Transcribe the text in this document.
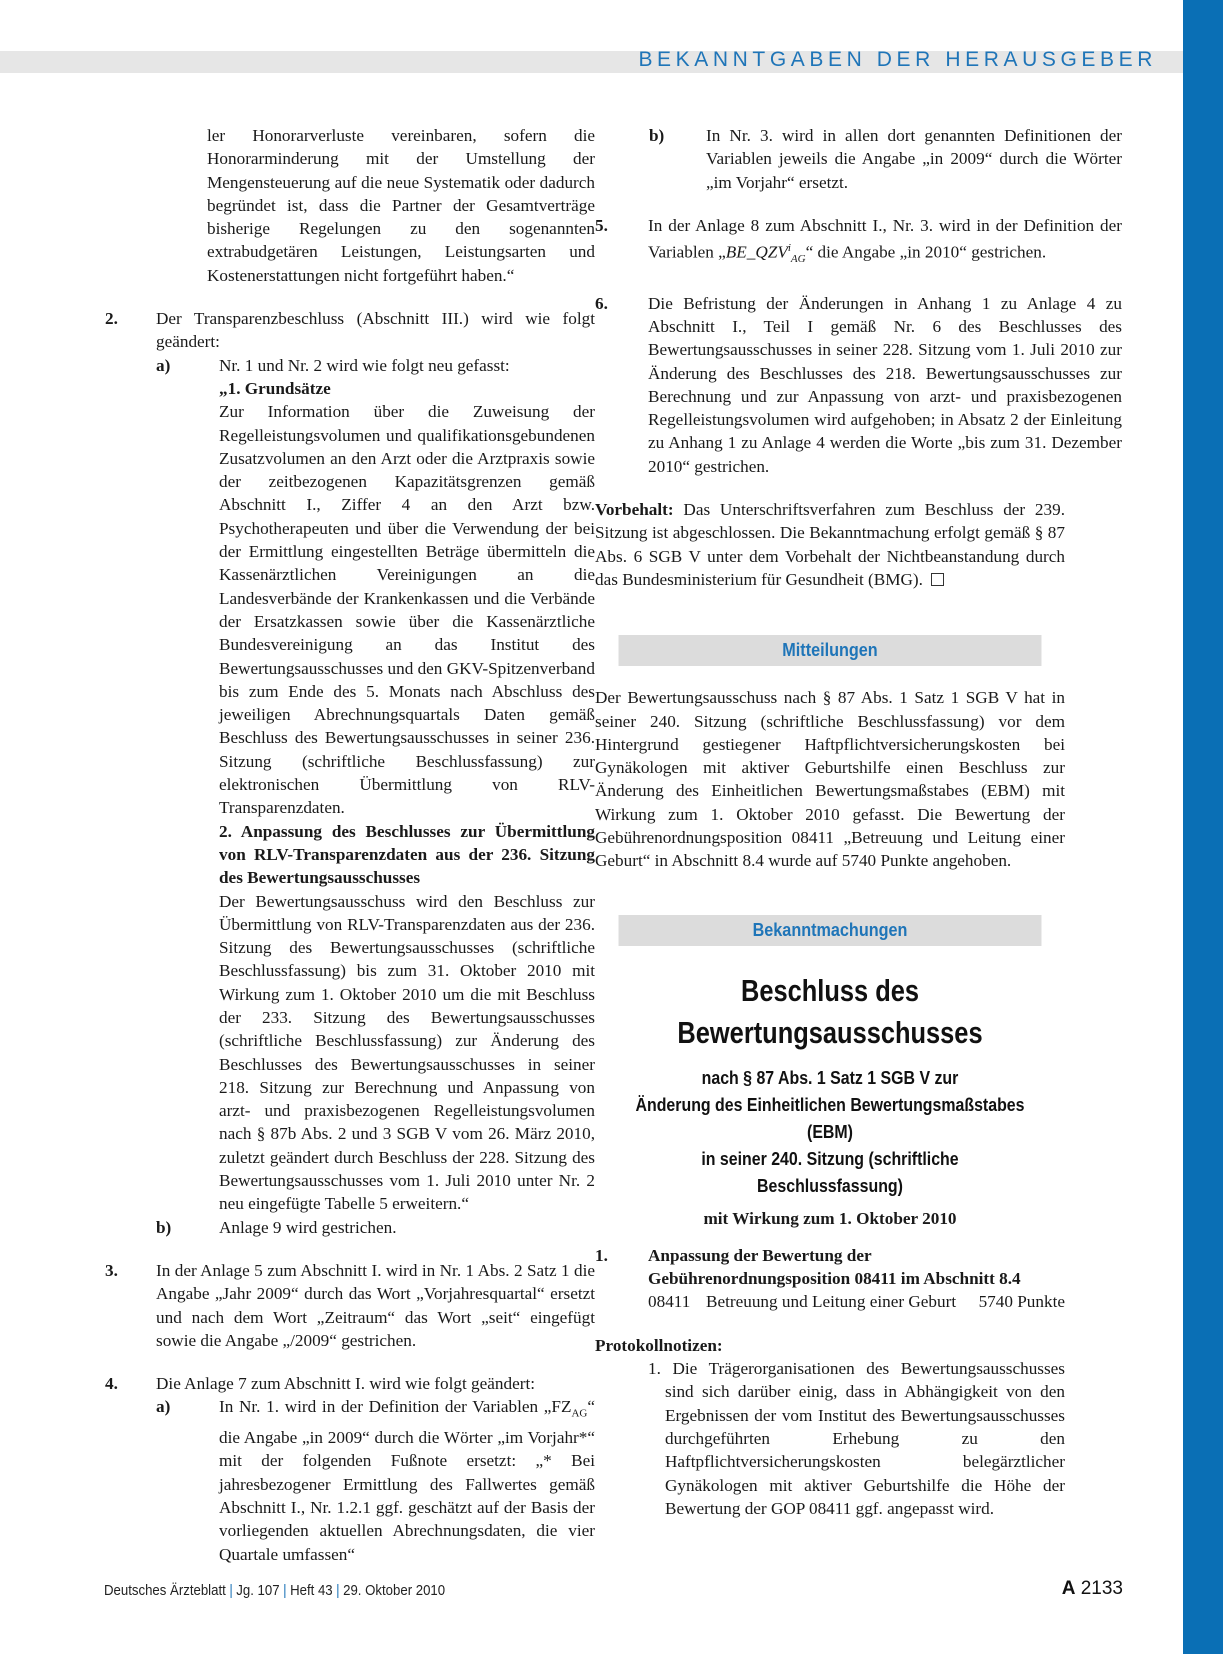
BEKANNTGABEN DER HERAUSGEBER

ler Honorarverluste vereinbaren, sofern die Honorarminderung mit der Umstellung der Mengensteuerung auf die neue Systematik oder dadurch begründet ist, dass die Partner der Gesamtverträge bisherige Regelungen zu den sogenannten extrabudgetären Leistungen, Leistungsarten und Kostenerstattungen nicht fortgeführt haben.“

2. Der Transparenzbeschluss (Abschnitt III.) wird wie folgt geändert:

a)	Nr. 1 und Nr. 2 wird wie folgt neu gefasst:

„1. Grundsätze

Zur Information über die Zuweisung der Regelleistungsvolumen und qualifikationsgebundenen Zusatzvolumen an den Arzt oder die Arztpraxis sowie der zeitbezogenen Kapazitätsgrenzen gemäß Abschnitt I., Ziffer 4 an den Arzt bzw. Psychotherapeuten und über die Verwendung der bei der Ermittlung eingestellten Beträge übermitteln die Kassenärztlichen Vereinigungen an die Landesverbände der Krankenkassen und die Verbände der Ersatzkassen sowie über die Kassenärztliche Bundesvereinigung an das Institut des Bewertungsausschusses und den GKV-Spitzenverband bis zum Ende des 5. Monats nach Abschluss des jeweiligen Abrechnungsquartals Daten gemäß Beschluss des Bewertungsausschusses in seiner 236. Sitzung (schriftliche Beschlussfassung) zur elektronischen Übermittlung von RLV-Transparenzdaten.

2. Anpassung des Beschlusses zur Übermittlung von RLV-Transparenzdaten aus der 236. Sitzung des Bewertungsausschusses

Der Bewertungsausschuss wird den Beschluss zur Übermittlung von RLV-Transparenzdaten aus der 236. Sitzung des Bewertungsausschusses (schriftliche Beschlussfassung) bis zum 31. Oktober 2010 mit Wirkung zum 1. Oktober 2010 um die mit Beschluss der 233. Sitzung des Bewertungsausschusses (schriftliche Beschlussfassung) zur Änderung des Beschlusses des Bewertungsausschusses in seiner 218. Sitzung zur Berechnung und Anpassung von arzt- und praxisbezogenen Regelleistungsvolumen nach § 87b Abs. 2 und 3 SGB V vom 26. März 2010, zuletzt geändert durch Beschluss der 228. Sitzung des Bewertungsausschusses vom 1. Juli 2010 unter Nr. 2 neu eingefügte Tabelle 5 erweitern.“

b)	Anlage 9 wird gestrichen.

3. In der Anlage 5 zum Abschnitt I. wird in Nr. 1 Abs. 2 Satz 1 die Angabe „Jahr 2009“ durch das Wort „Vorjahresquartal“ ersetzt und nach dem Wort „Zeitraum“ das Wort „seit“ eingefügt sowie die Angabe „/2009“ gestrichen.

4. Die Anlage 7 zum Abschnitt I. wird wie folgt geändert:

a)	In Nr. 1. wird in der Definition der Variablen $„FZ_{AG}“$ die Angabe „in 2009“ durch die Wörter „im Vorjahr*“ mit der folgenden Fußnote ersetzt: „* Bei jahresbezogener Ermittlung des Fallwertes gemäß Abschnitt I., Nr. 1.2.1 ggf. geschätzt auf der Basis der vorliegenden aktuellen Abrechnungsdaten, die vier Quartale umfassen“

b) In Nr. 3. wird in allen dort genannten Definitionen der Variablen jeweils die Angabe „in 2009“ durch die Wörter „im Vorjahr“ ersetzt.

5. In der Anlage 8 zum Abschnitt I., Nr. 3. wird in der Definition der Variablen $„BE\_QZV^i_{AG}“$ die Angabe „in 2010“ gestrichen.

6. Die Befristung der Änderungen in Anhang 1 zu Anlage 4 zu Abschnitt I., Teil I gemäß Nr. 6 des Beschlusses des Bewertungsausschusses in seiner 228. Sitzung vom 1. Juli 2010 zur Änderung des Beschlusses des 218. Bewertungsausschusses zur Berechnung und zur Anpassung von arzt- und praxisbezogenen Regelleistungsvolumen wird aufgehoben; in Absatz 2 der Einleitung zu Anhang 1 zu Anlage 4 werden die Worte „bis zum 31. Dezember 2010“ gestrichen.

Vorbehalt: Das Unterschriftsverfahren zum Beschluss der 239. Sitzung ist abgeschlossen. Die Bekanntmachung erfolgt gemäß § 87 Abs. 6 SGB V unter dem Vorbehalt der Nichtbeanstandung durch das Bundesministerium für Gesundheit (BMG).

Mitteilungen

Der Bewertungsausschuss nach § 87 Abs. 1 Satz 1 SGB V hat in seiner 240. Sitzung (schriftliche Beschlussfassung) vor dem Hintergrund gestiegener Haftpflichtversicherungskosten bei Gynäkologen mit aktiver Geburtshilfe einen Beschluss zur Änderung des Einheitlichen Bewertungsmaßstabes (EBM) mit Wirkung zum 1. Oktober 2010 gefasst. Die Bewertung der Gebührenordnungsposition 08411 „Betreuung und Leitung einer Geburt“ in Abschnitt 8.4 wurde auf 5740 Punkte angehoben.

Bekanntmachungen

Beschluss des
Bewertungsausschusses
nach § 87 Abs. 1 Satz 1 SGB V zur
Änderung des Einheitlichen Bewertungsmaßstabes (EBM)
in seiner 240. Sitzung (schriftliche Beschlussfassung)

mit Wirkung zum 1. Oktober 2010

1. Anpassung der Bewertung der Gebührenordnungsposition 08411 im Abschnitt 8.4

08411 Betreuung und Leitung einer Geburt	5740 Punkte

Protokollnotizen:

1. Die Trägerorganisationen des Bewertungsausschusses sind sich darüber einig, dass in Abhängigkeit von den Ergebnissen der vom Institut des Bewertungsausschusses durchgeführten Erhebung zu den Haftpflichtversicherungskosten belegärztlicher Gynäkologen mit aktiver Geburtshilfe die Höhe der Bewertung der GOP 08411 ggf. angepasst wird.

Deutsches Ärzteblatt | Jg. 107 | Heft 43 | 29. Oktober 2010	A 2133
